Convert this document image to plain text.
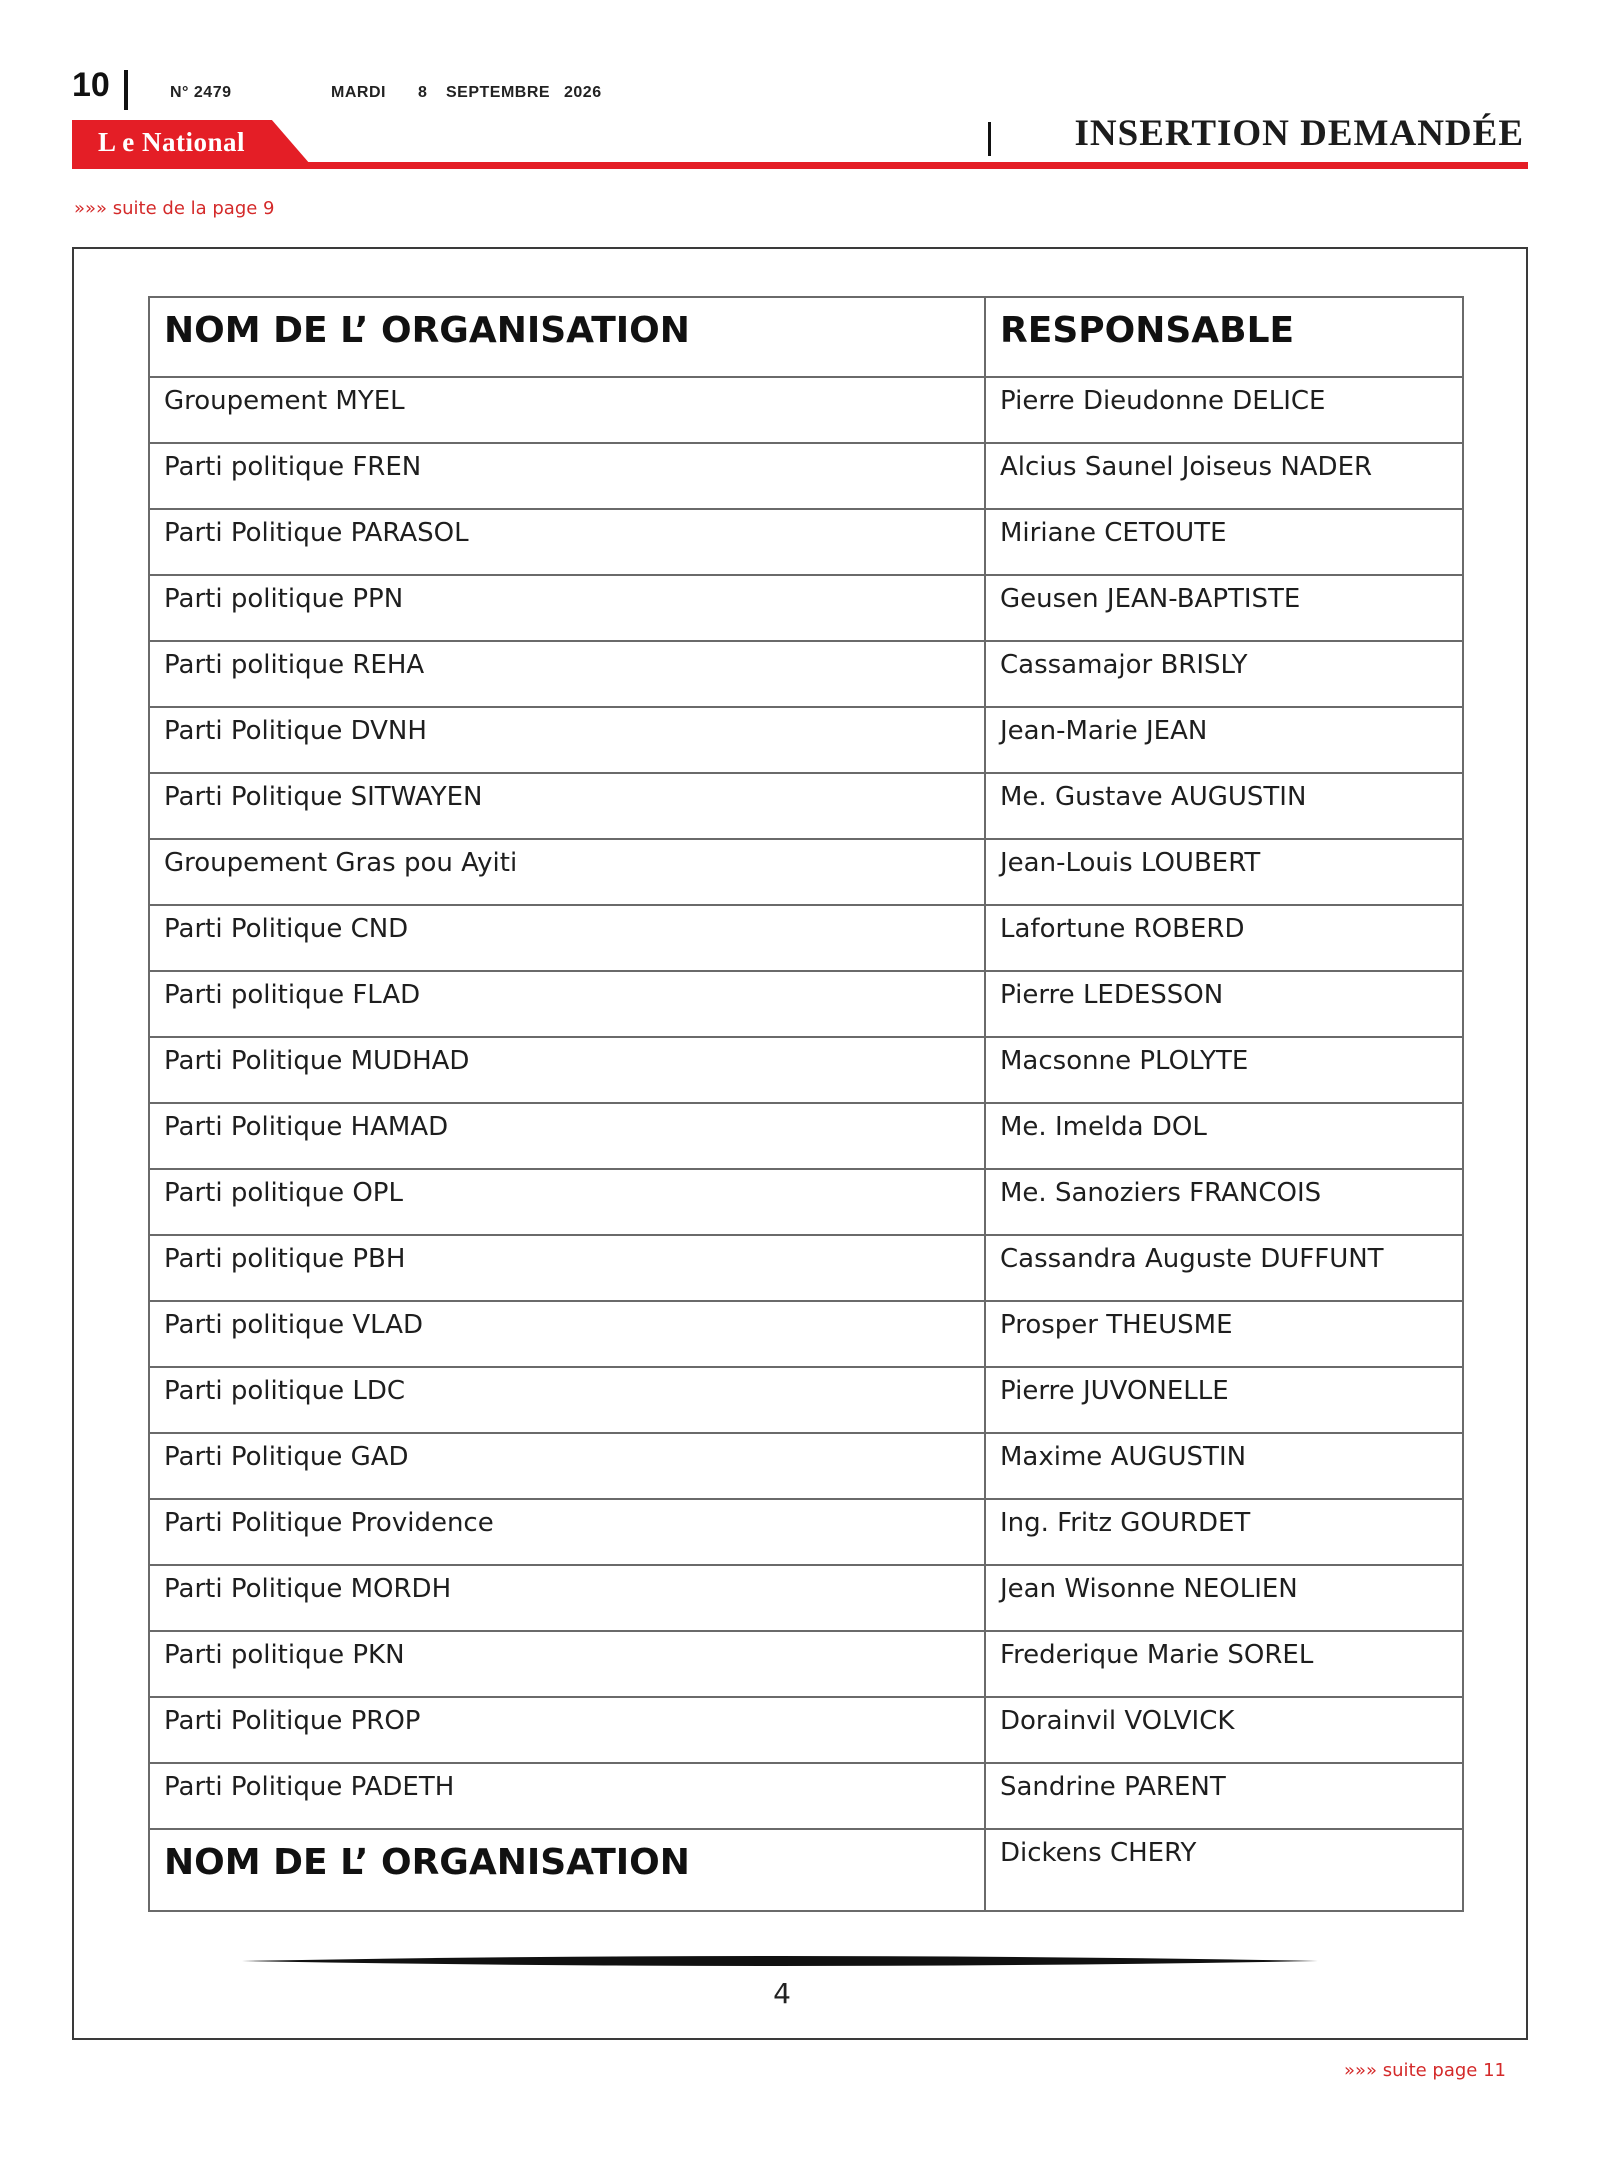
10	N° 2479	MARDI 8 SEPTEMBRE 2026
INSERTION DEMANDÉE
L e National
»»» suite de la page 9
NOM DE L’ ORGANISATION	RESPONSABLE
Groupement MYEL	Pierre Dieudonne DELICE
Parti politique FREN	Alcius Saunel Joiseus NADER
Parti Politique PARASOL	Miriane CETOUTE
Parti politique PPN	Geusen JEAN-BAPTISTE
Parti politique REHA	Cassamajor BRISLY
Parti Politique DVNH	Jean-Marie JEAN
Parti Politique SITWAYEN	Me. Gustave AUGUSTIN
Groupement Gras pou Ayiti	Jean-Louis LOUBERT
Parti Politique CND	Lafortune ROBERD
Parti politique FLAD	Pierre LEDESSON
Parti Politique MUDHAD	Macsonne PLOLYTE
Parti Politique HAMAD	Me. Imelda DOL
Parti politique OPL	Me. Sanoziers FRANCOIS
Parti politique PBH	Cassandra Auguste DUFFUNT
Parti politique VLAD	Prosper THEUSME
Parti politique LDC	Pierre JUVONELLE
Parti Politique GAD	Maxime AUGUSTIN
Parti Politique Providence	Ing. Fritz GOURDET
Parti Politique MORDH	Jean Wisonne NEOLIEN
Parti politique PKN	Frederique Marie SOREL
Parti Politique PROP	Dorainvil VOLVICK
Parti Politique PADETH	Sandrine PARENT
NOM DE L’ ORGANISATION	Dickens CHERY
4
»»» suite page 11
